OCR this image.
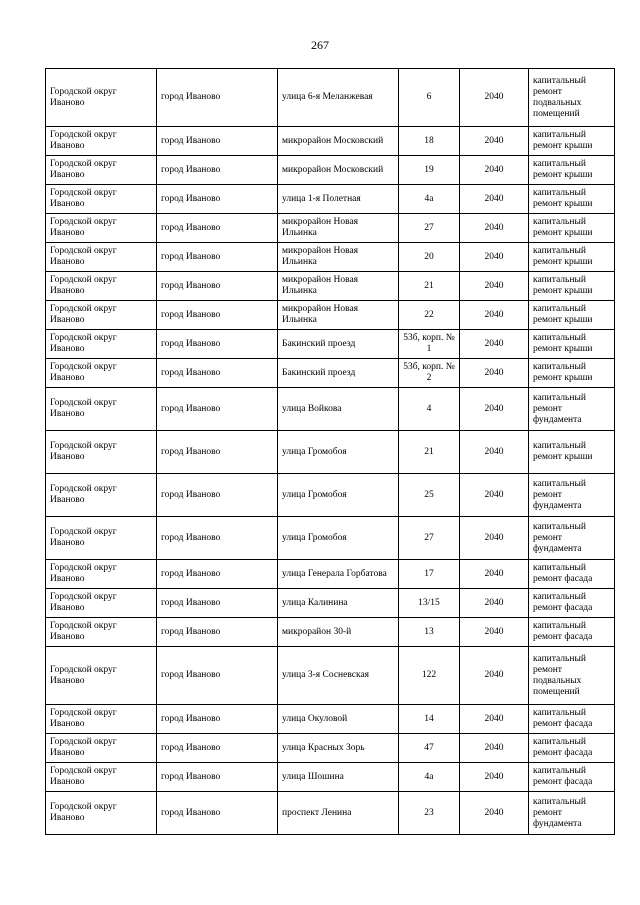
267
Городской округ Иваново	город Иваново	улица 6-я Меланжевая	6	2040	капитальный ремонт подвальных помещений
Городской округ Иваново	город Иваново	микрорайон Московский	18	2040	капитальный ремонт крыши
Городской округ Иваново	город Иваново	микрорайон Московский	19	2040	капитальный ремонт крыши
Городской округ Иваново	город Иваново	улица 1-я Полетная	4а	2040	капитальный ремонт крыши
Городской округ Иваново	город Иваново	микрорайон Новая Ильинка	27	2040	капитальный ремонт крыши
Городской округ Иваново	город Иваново	микрорайон Новая Ильинка	20	2040	капитальный ремонт крыши
Городской округ Иваново	город Иваново	микрорайон Новая Ильинка	21	2040	капитальный ремонт крыши
Городской округ Иваново	город Иваново	микрорайон Новая Ильинка	22	2040	капитальный ремонт крыши
Городской округ Иваново	город Иваново	Бакинский проезд	53б, корп. № 1	2040	капитальный ремонт крыши
Городской округ Иваново	город Иваново	Бакинский проезд	53б, корп. № 2	2040	капитальный ремонт крыши
Городской округ Иваново	город Иваново	улица Войкова	4	2040	капитальный ремонт фундамента
Городской округ Иваново	город Иваново	улица Громобоя	21	2040	капитальный ремонт крыши
Городской округ Иваново	город Иваново	улица Громобоя	25	2040	капитальный ремонт фундамента
Городской округ Иваново	город Иваново	улица Громобоя	27	2040	капитальный ремонт фундамента
Городской округ Иваново	город Иваново	улица Генерала Горбатова	17	2040	капитальный ремонт фасада
Городской округ Иваново	город Иваново	улица Калинина	13/15	2040	капитальный ремонт фасада
Городской округ Иваново	город Иваново	микрорайон 30-й	13	2040	капитальный ремонт фасада
Городской округ Иваново	город Иваново	улица 3-я Сосневская	122	2040	капитальный ремонт подвальных помещений
Городской округ Иваново	город Иваново	улица Окуловой	14	2040	капитальный ремонт фасада
Городской округ Иваново	город Иваново	улица Красных Зорь	47	2040	капитальный ремонт фасада
Городской округ Иваново	город Иваново	улица Шошина	4а	2040	капитальный ремонт фасада
Городской округ Иваново	город Иваново	проспект Ленина	23	2040	капитальный ремонт фундамента
